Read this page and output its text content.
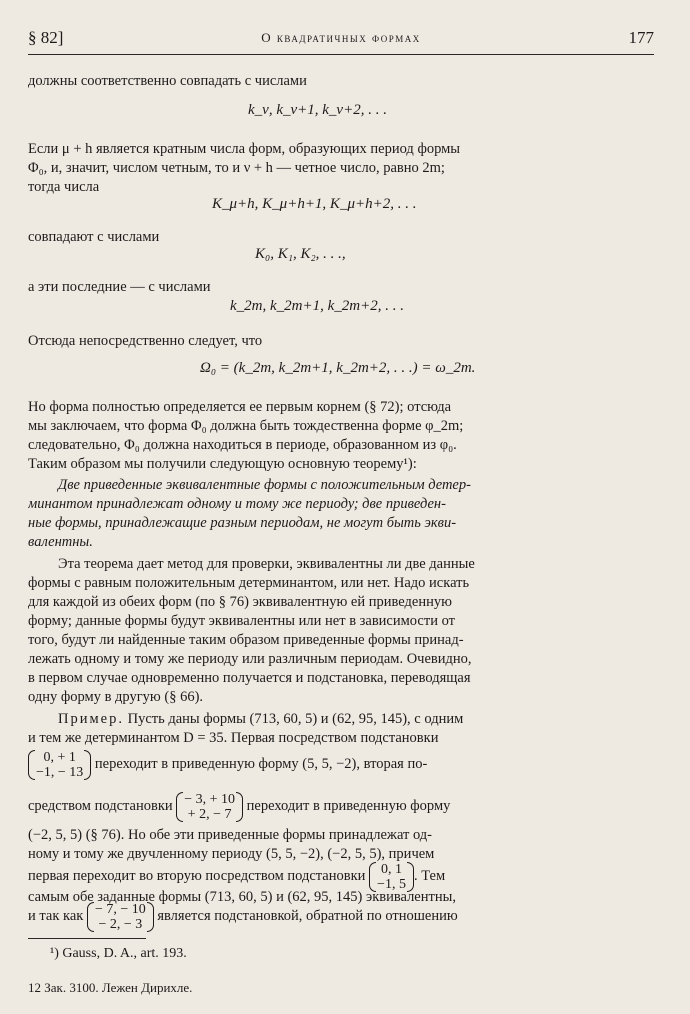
§ 82]	О квадратичных формах	177
должны соответственно совпадать с числами
k_ν, k_ν+1, k_ν+2, . . .
Если μ + h является кратным числа форм, образующих период формы
Φ₀, и, значит, числом четным, то и ν + h — четное число, равно 2m;
тогда числа
K_μ+h, K_μ+h+1, K_μ+h+2, . . .
совпадают с числами
K₀, K₁, K₂, . . .,
а эти последние — с числами
k_2m, k_2m+1, k_2m+2, . . .
Отсюда непосредственно следует, что
Ω₀ = (k_2m, k_2m+1, k_2m+2, . . .) = ω_2m.
Но форма полностью определяется ее первым корнем (§ 72); отсюда
мы заключаем, что форма Φ₀ должна быть тождественна форме φ_2m;
следовательно, Φ₀ должна находиться в периоде, образованном из φ₀.
Таким образом мы получили следующую основную теорему¹):
Две приведенные эквивалентные формы с положительным детер-
минантом принадлежат одному и тому же периоду; две приведен-
ные формы, принадлежащие разным периодам, не могут быть экви-
валентны.
Эта теорема дает метод для проверки, эквивалентны ли две данные
формы с равным положительным детерминантом, или нет. Надо искать
для каждой из обеих форм (по § 76) эквивалентную ей приведенную
форму; данные формы будут эквивалентны или нет в зависимости от
того, будут ли найденные таким образом приведенные формы принад-
лежать одному и тому же периоду или различным периодам. Очевидно,
в первом случае одновременно получается и подстановка, переводящая
одну форму в другую (§ 66).
Пример. Пусть даны формы (713, 60, 5) и (62, 95, 145), с одним
и тем же детерминантом D = 35. Первая посредством подстановки
0, + 1
−1, − 13
переходит в приведенную форму (5, 5, −2), вторая по-
средством подстановки − 3, + 10
+ 2, − 7
переходит в приведенную форму
(−2, 5, 5) (§ 76). Но обе эти приведенные формы принадлежат од-
ному и тому же двучленному периоду (5, 5, −2), (−2, 5, 5), причем
первая переходит во вторую посредством подстановки 0, 1
−1, 5
. Тем
самым обе заданные формы (713, 60, 5) и (62, 95, 145) эквивалентны,
и так как − 7, − 10
− 2, − 3
является подстановкой, обратной по отношению
¹) Gauss, D. A., art. 193.
12 Зак. 3100. Лежен Дирихле.
